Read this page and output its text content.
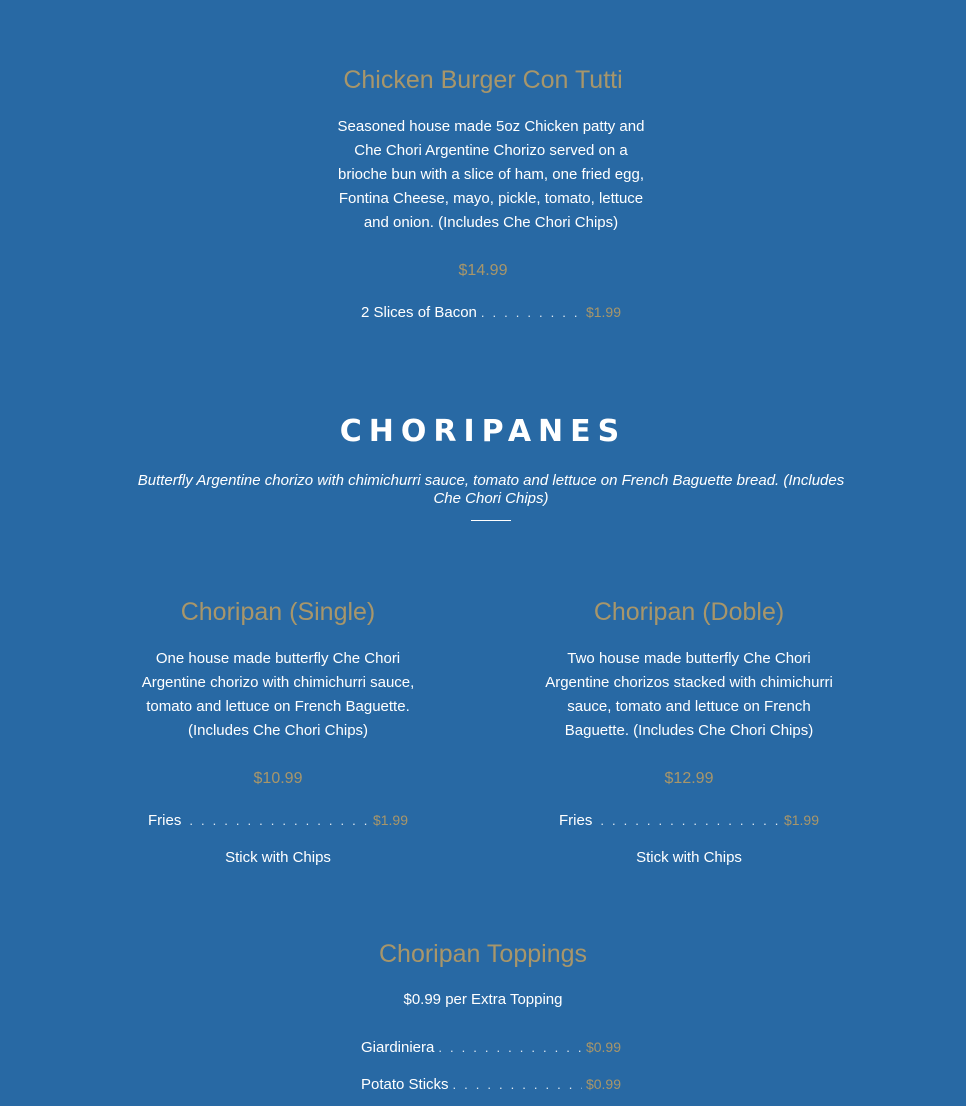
Chicken Burger Con Tutti

Seasoned house made 5oz Chicken patty and Che Chori Argentine Chorizo served on a brioche bun with a slice of ham, one fried egg, Fontina Cheese, mayo, pickle, tomato, lettuce and onion. (Includes Che Chori Chips)

$14.99
2 Slices of Bacon . . .	$1.99
CHORIPANES
Butterfly Argentine chorizo with chimichurri sauce, tomato and lettuce on French Baguette bread. (Includes Che Chori Chips)
Choripan (Single)

One house made butterfly Che Chori Argentine chorizo with chimichurri sauce, tomato and lettuce on French Baguette. (Includes Che Chori Chips)

$10.99
Fries . . .	$1.99
Stick with Chips
Choripan (Doble)

Two house made butterfly Che Chori Argentine chorizos stacked with chimichurri sauce, tomato and lettuce on French Baguette. (Includes Che Chori Chips)

$12.99
Fries . . .	$1.99
Stick with Chips
Choripan Toppings
$0.99 per Extra Topping
Giardiniera . . .	$0.99
Potato Sticks . . .	$0.99
